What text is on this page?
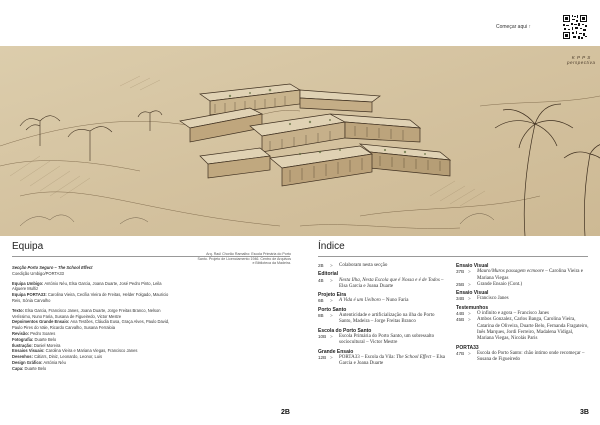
Começar aqui ↑
K P P S
perspectiva
Equipa
Arq. Raúl Chorão Ramalho: Escola Primária do Porto Santo. Projeto de Licenciamento 1946. Centro de Arquivos e Biblioteca da Madeira.

Secção Porto Seguro – The School Effect

Coedição Umbigo/PORTA33

Equipa Umbigo: António Néu, Elsa Garcia, Joana Duarte, José Pedro Pinto, Leila Alguere Muñiz

Equipa PORTA33: Carolina Vieira, Cecília Vieira de Freitas, Helder Folgado, Mauricio Reis, Sónia Carvalho

Texto: Elsa Garcia, Francisco Janes, Joana Duarte, Jorge Freitas Branco, Nelson Veríssimo, Nuno Faria, Susana de Figueiredo, Victor Mestre

Depoimentos Grande Ensaio: Ana Testões, Cláudia Eusa, Graça Alves, Paulo David, Paulo Pires do Vale, Ricardo Carvalho, Susana Ferraloia

Revisão: Pedro Soares

Fotografia: Duarte Belo

Ilustração: Daniel Moreira

Ensaios Visuais: Carolina Vieira e Mariana Viegas, Francisco Janes

Desenhos: Cátia's, Diniz, Leonardo, Leonor, Luis

Design Gráfico: Antónia Néu

Capa: Duarte Belo

2B
Índice
2B	>	Colaboram nesta secção
Editorial
4B	>	Nesta Ilha, Nesta Escola que é Nossa e é de Todos – Elsa Garcia e Joana Duarte
Projeto Eira
6B	>	A Vida é um Ueiboro – Nuno Faria
Porto Santo
8B	>	Autenticidade e artificialização na ilha do Porto Santo, Madeira – Jorge Freitas Branco
Escola do Porto Santo
10B >	Escola Primária do Porto Santo, um sobressalto sociocultural – Victor Mestre
Grande Ensaio
12B >	PORTA33 – Escola da Vila: The School Effect – Elsa Garcia e Joana Duarte
Ensaio Visual
37B >	Mauro/Muros passagem ecmoore – Carolina Vieira e Mariana Viegas
25B >	Grande Ensaio (Cont.)
Ensaio Visual
34B >	Francisco Janes
Testemunhos
44B >	O infinito e agora – Francisco Janes
45B >	Ambos Gonzalez, Carlos Banga, Carolina Vieira, Catarina de Oliveira, Duarte Belo, Fernanda Fragateiro, Inês Marques, Jordi Ferreiro, Madalena Vidigal, Mariana Viegas, Nicolás Paris
PORTA33
47B >	Escola do Porto Santo: chão íntimo onde recomeçar – Susana de Figueiredo
3B
